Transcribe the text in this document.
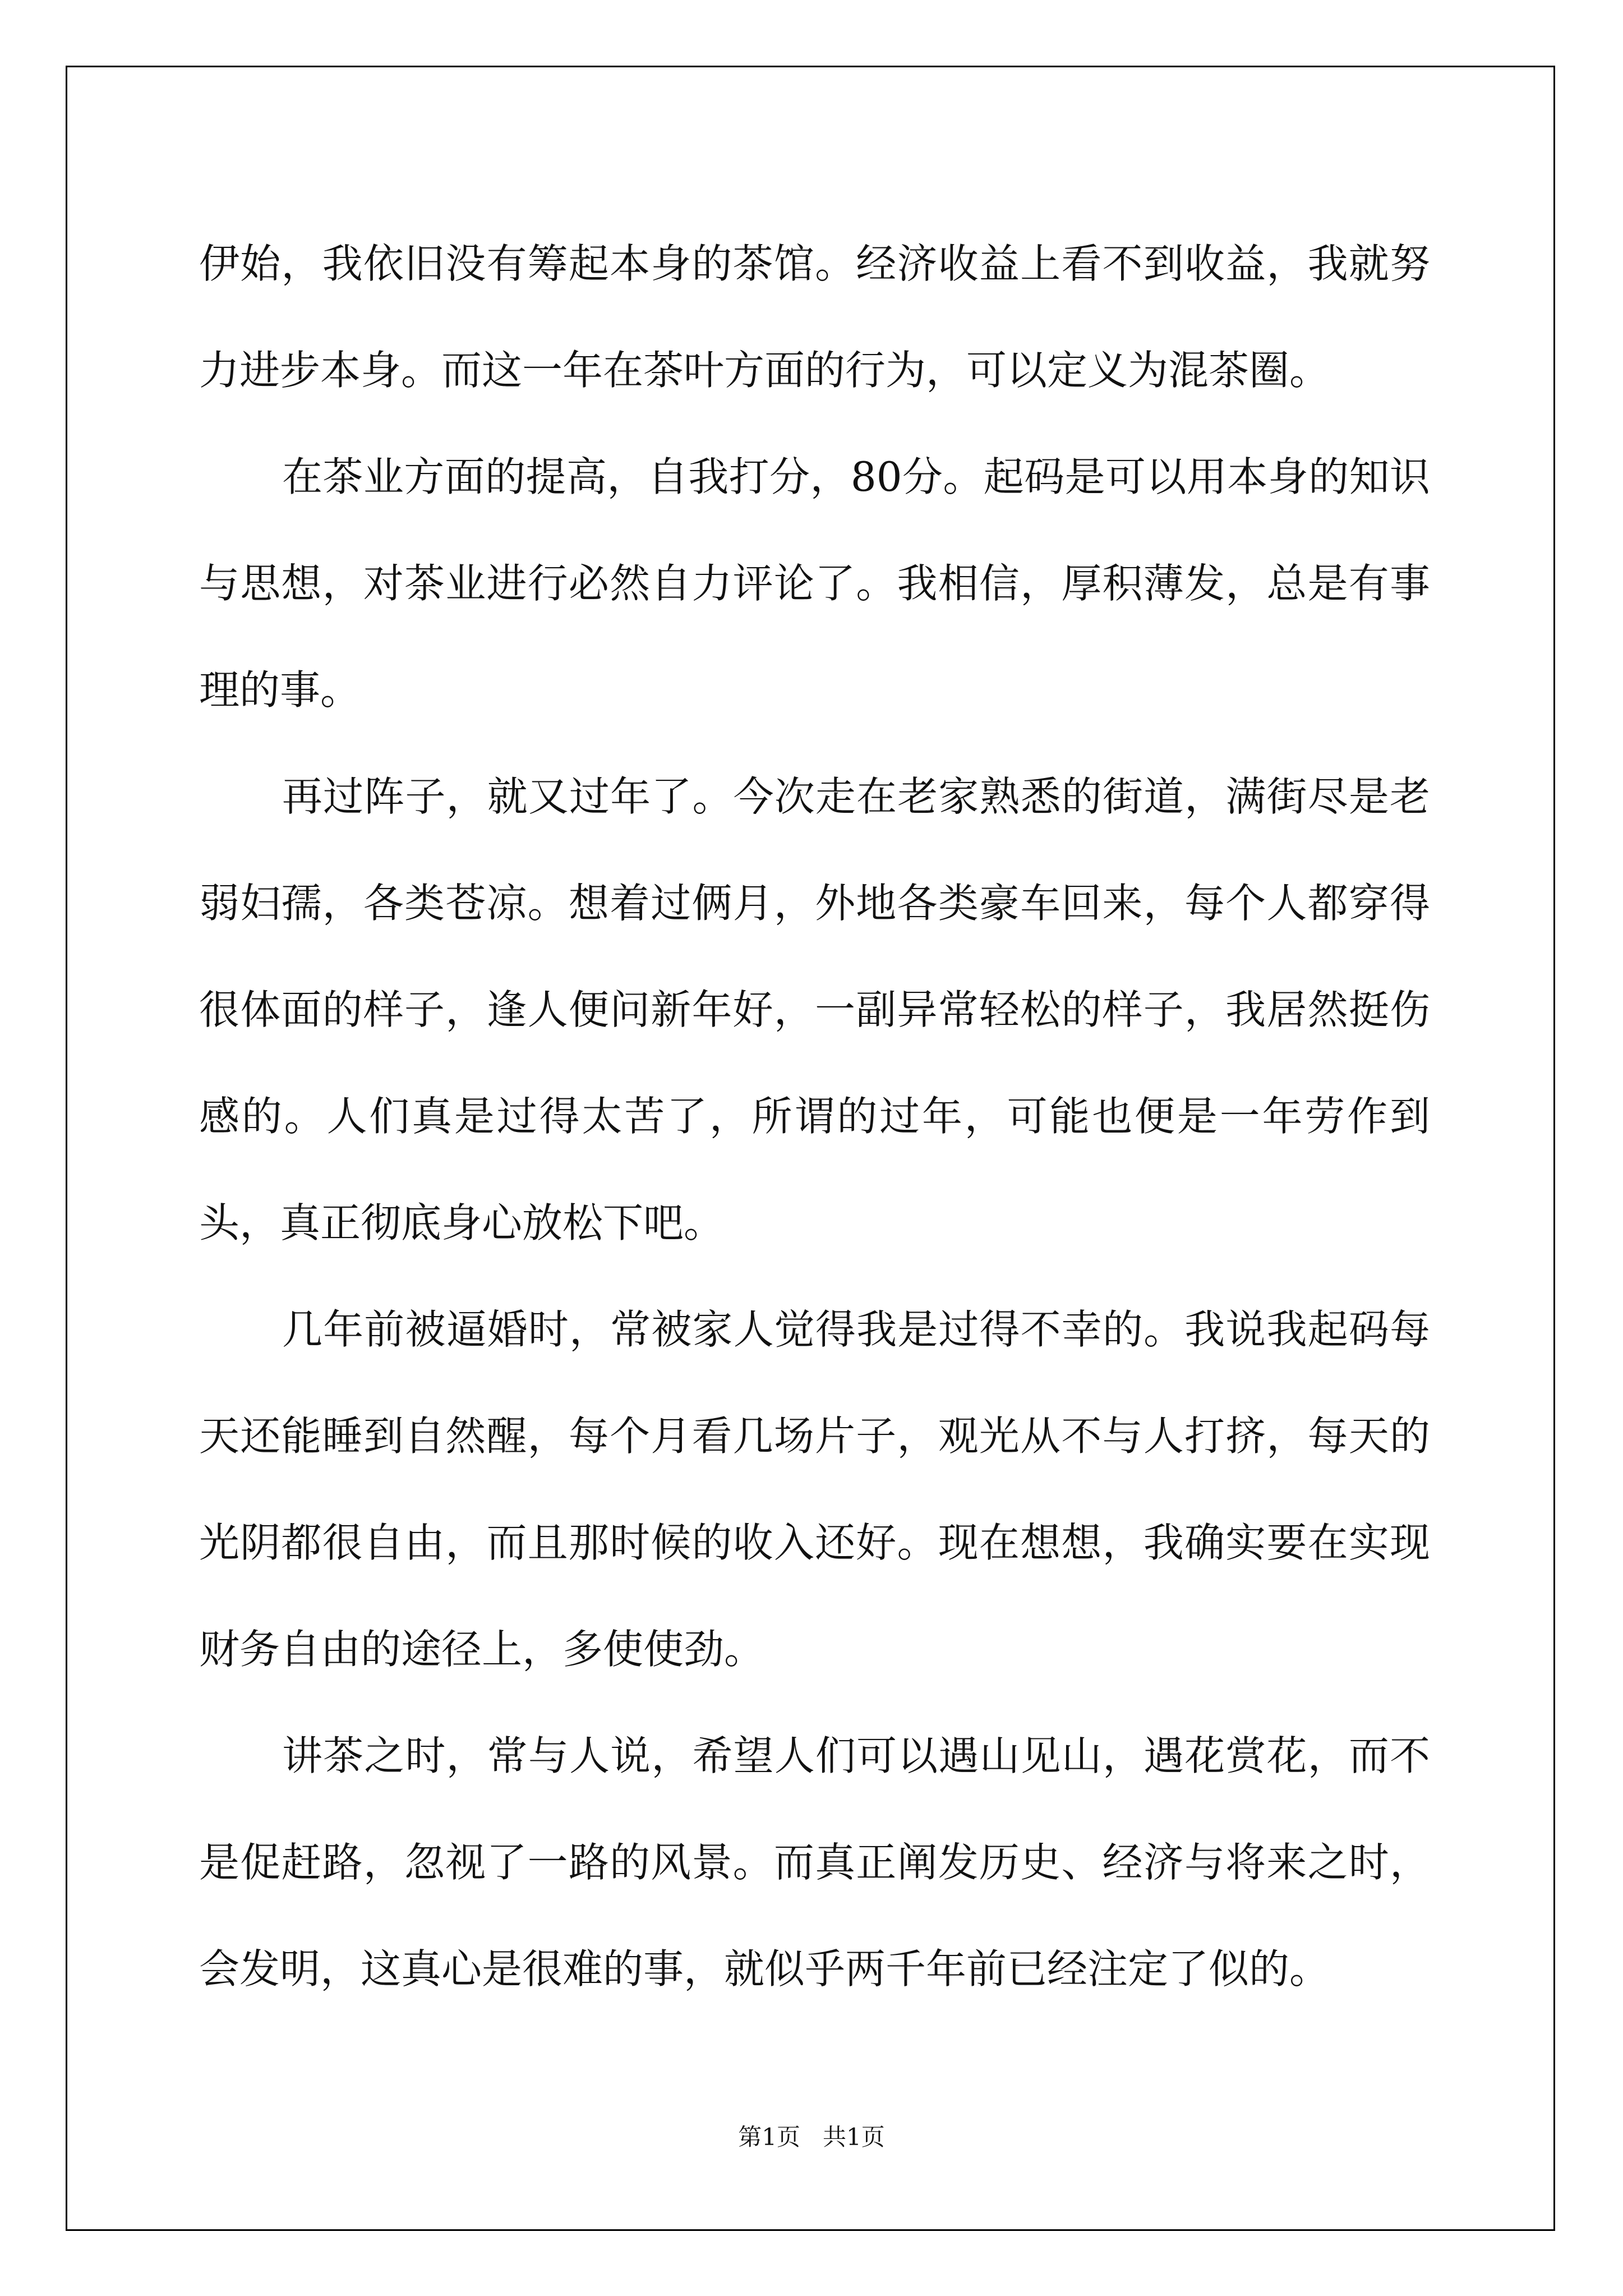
伊始，我依旧没有筹起本身的茶馆。经济收益上看不到收益，我就努力进步本身。而这一年在茶叶方面的行为，可以定义为混茶圈。

在茶业方面的提高，自我打分，80分。起码是可以用本身的知识与思想，对茶业进行必然自力评论了。我相信，厚积薄发，总是有事理的事。

再过阵子，就又过年了。今次走在老家熟悉的街道，满街尽是老弱妇孺，各类苍凉。想着过俩月，外地各类豪车回来，每个人都穿得很体面的样子，逢人便问新年好，一副异常轻松的样子，我居然挺伤感的。人们真是过得太苦了，所谓的过年，可能也便是一年劳作到头，真正彻底身心放松下吧。

几年前被逼婚时，常被家人觉得我是过得不幸的。我说我起码每天还能睡到自然醒，每个月看几场片子，观光从不与人打挤，每天的光阴都很自由，而且那时候的收入还好。现在想想，我确实要在实现财务自由的途径上，多使使劲。

讲茶之时，常与人说，希望人们可以遇山见山，遇花赏花，而不是促赶路，忽视了一路的风景。而真正阐发历史、经济与将来之时，会发明，这真心是很难的事，就似乎两千年前已经注定了似的。

第1页 共1页
